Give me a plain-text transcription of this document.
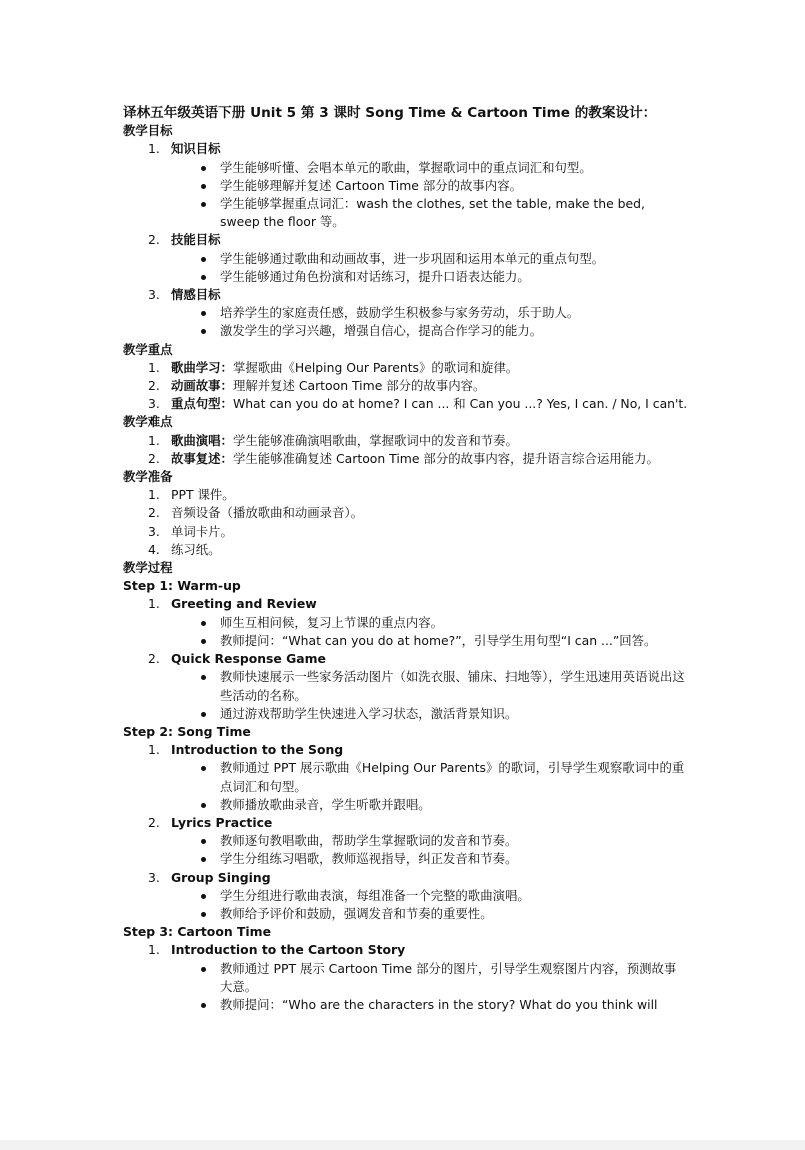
译林五年级英语下册 Unit 5 第 3 课时 Song Time & Cartoon Time 的教案设计：
教学目标
1. 知识目标
学生能够听懂、会唱本单元的歌曲，掌握歌词中的重点词汇和句型。
学生能够理解并复述 Cartoon Time 部分的故事内容。
学生能够掌握重点词汇：wash the clothes, set the table, make the bed, sweep the floor 等。
2. 技能目标
学生能够通过歌曲和动画故事，进一步巩固和运用本单元的重点句型。
学生能够通过角色扮演和对话练习，提升口语表达能力。
3. 情感目标
培养学生的家庭责任感，鼓励学生积极参与家务劳动，乐于助人。
激发学生的学习兴趣，增强自信心，提高合作学习的能力。
教学重点
1. 歌曲学习：掌握歌曲《Helping Our Parents》的歌词和旋律。
2. 动画故事：理解并复述 Cartoon Time 部分的故事内容。
3. 重点句型：What can you do at home? I can ... 和 Can you ...? Yes, I can. / No, I can't.
教学难点
1. 歌曲演唱：学生能够准确演唱歌曲，掌握歌词中的发音和节奏。
2. 故事复述：学生能够准确复述 Cartoon Time 部分的故事内容，提升语言综合运用能力。
教学准备
1. PPT 课件。
2. 音频设备（播放歌曲和动画录音）。
3. 单词卡片。
4. 练习纸。
教学过程
Step 1: Warm-up
1. Greeting and Review
师生互相问候，复习上节课的重点内容。
教师提问：“What can you do at home?”，引导学生用句型“I can ...”回答。
2. Quick Response Game
教师快速展示一些家务活动图片（如洗衣服、铺床、扫地等），学生迅速用英语说出这些活动的名称。
通过游戏帮助学生快速进入学习状态，激活背景知识。
Step 2: Song Time
1. Introduction to the Song
教师通过 PPT 展示歌曲《Helping Our Parents》的歌词，引导学生观察歌词中的重点词汇和句型。
教师播放歌曲录音，学生听歌并跟唱。
2. Lyrics Practice
教师逐句教唱歌曲，帮助学生掌握歌词的发音和节奏。
学生分组练习唱歌，教师巡视指导，纠正发音和节奏。
3. Group Singing
学生分组进行歌曲表演，每组准备一个完整的歌曲演唱。
教师给予评价和鼓励，强调发音和节奏的重要性。
Step 3: Cartoon Time
1. Introduction to the Cartoon Story
教师通过 PPT 展示 Cartoon Time 部分的图片，引导学生观察图片内容，预测故事大意。
教师提问：“Who are the characters in the story? What do you think will
